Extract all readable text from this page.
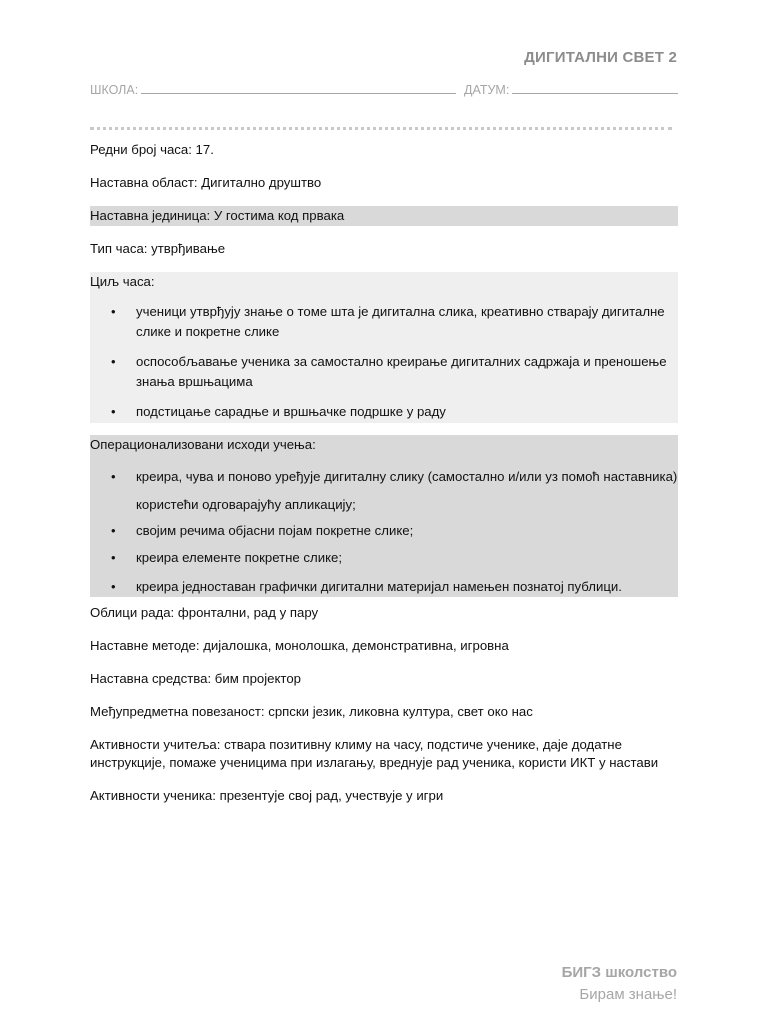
ДИГИТАЛНИ СВЕТ 2
ШКОЛА:	ДАТУМ:

Редни број часа: 17.

Наставна област: Дигитално друштво

Наставна јединица: У гостима код првака

Тип часа: утврђивање

Циљ часа:

• ученици утврђују знање о томе шта је дигитална слика, креативно стварају дигиталне слике и покретне слике
• оспособљавање ученика за самостално креирање дигиталних садржаја и преношење знања вршњацима
• подстицање сарадње и вршњачке подршке у раду

Операционализовани исходи учења:

• креира, чува и поново уређује дигиталну слику (самостално и/или уз помоћ наставника) користећи одговарајућу апликацију;
• својим речима објасни појам покретне слике;
• креира елементе покретне слике;
• креира једноставан графички дигитални материјал намењен познатој публици.

Облици рада: фронтални, рад у пару

Наставне методе: дијалошка, монолошка, демонстративна, игровна

Наставна средства: бим пројектор

Међупредметна повезаност: српски језик, ликовна култура, свет око нас

Активности учитеља: ствара позитивну климу на часу, подстиче ученике, даје додатне инструкције, помаже ученицима при излагању, вреднује рад ученика, користи ИКТ у настави

Активности ученика: презентује свој рад, учествује у игри

БИГЗ школство
Бирам знање!
